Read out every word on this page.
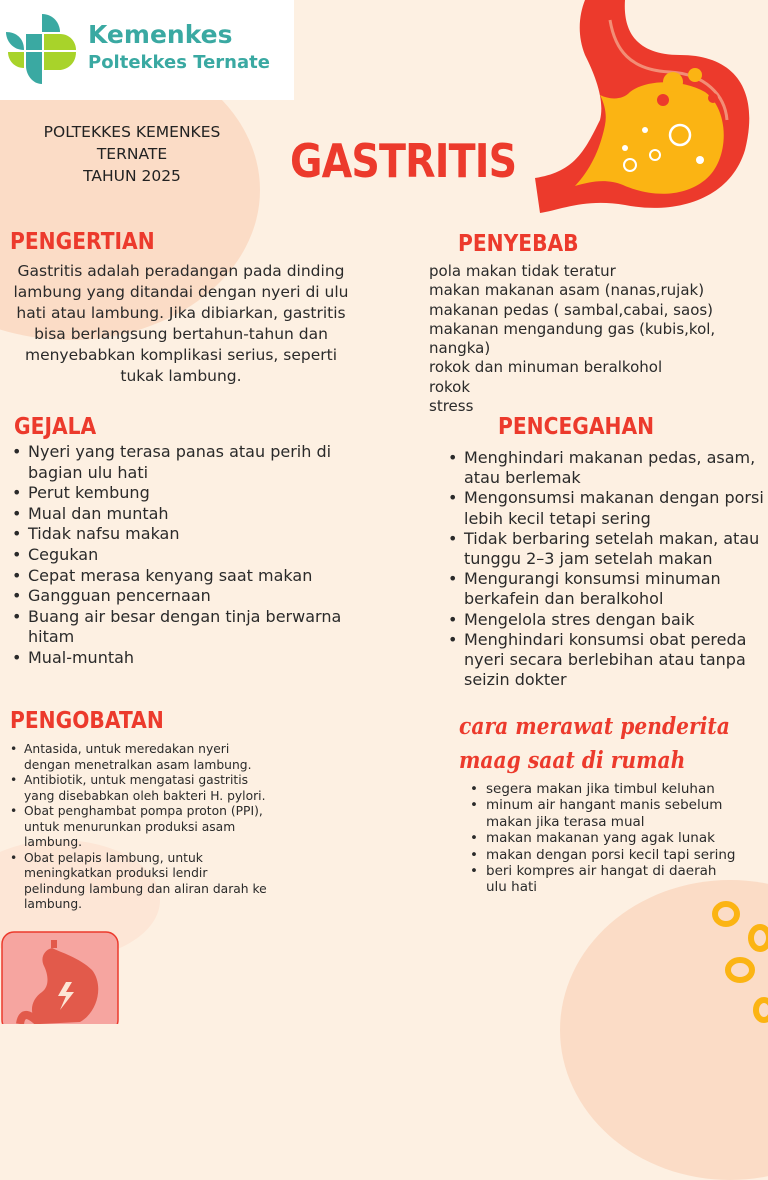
Kemenkes
Poltekkes Ternate
POLTEKKES KEMENKES
TERNATE
TAHUN 2025	GASTRITIS
PENGERTIAN
Gastritis adalah peradangan pada dinding lambung yang ditandai dengan nyeri di ulu hati atau lambung. Jika dibiarkan, gastritis bisa berlangsung bertahun-tahun dan menyebabkan komplikasi serius, seperti tukak lambung.
PENYEBAB
pola makan tidak teratur
makan makanan asam (nanas,rujak)
makanan pedas ( sambal,cabai, saos)
makanan mengandung gas (kubis,kol,
nangka)
rokok dan minuman beralkohol
rokok
stress
GEJALA
• Nyeri yang terasa panas atau perih di bagian ulu hati
• Perut kembung
• Mual dan muntah
• Tidak nafsu makan
• Cegukan
• Cepat merasa kenyang saat makan
• Gangguan pencernaan
• Buang air besar dengan tinja berwarna hitam
• Mual-muntah
PENCEGAHAN
• Menghindari makanan pedas, asam,
atau berlemak
• Mengonsumsi makanan dengan porsi
lebih kecil tetapi sering
• Tidak berbaring setelah makan, atau
tunggu 2–3 jam setelah makan
• Mengurangi konsumsi minuman
berkafein dan beralkohol
• Mengelola stres dengan baik
• Menghindari konsumsi obat pereda
nyeri secara berlebihan atau tanpa
seizin dokter
PENGOBATAN
• Antasida, untuk meredakan nyeri dengan menetralkan asam lambung.
• Antibiotik, untuk mengatasi gastritis yang disebabkan oleh bakteri H. pylori.
• Obat penghambat pompa proton (PPI), untuk menurunkan produksi asam lambung.
• Obat pelapis lambung, untuk meningkatkan produksi lendir pelindung lambung dan aliran darah ke lambung.
cara merawat penderita maag saat di rumah
• segera makan jika timbul keluhan
• minum air hangant manis sebelum makan jika terasa mual
• makan makanan yang agak lunak
• makan dengan porsi kecil tapi sering
• beri kompres air hangat di daerah ulu hati
